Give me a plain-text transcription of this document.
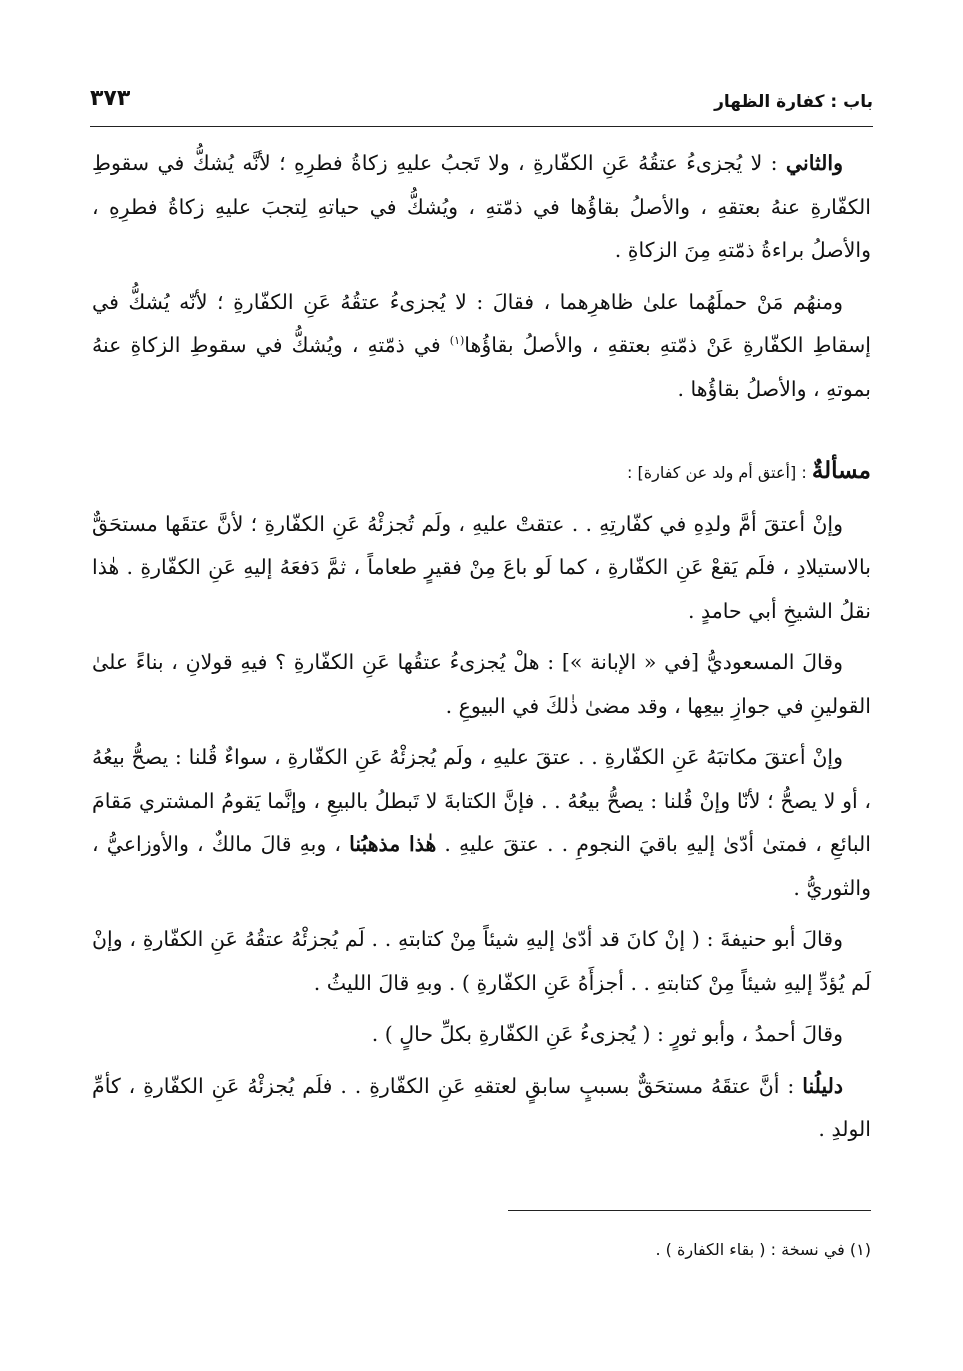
باب : كفارة الظهار
٣٧٣

والثاني : لا يُجزىءُ عتقُهُ عَنِ الكفّارةِ ، ولا تَجبُ عليهِ زكاةُ فطرِهِ ؛ لأنَّه يُشكُّ في سقوطِ الكفّارةِ عنهُ بعتقهِ ، والأصلُ بقاؤُها في ذمّتهِ ، ويُشكُّ في حياتهِ لِتجبَ عليهِ زكاةُ فطرِهِ ، والأصلُ براءةُ ذمّتهِ مِنَ الزكاةِ .

ومنهُم مَنْ حملَهُما علىٰ ظاهرِهما ، فقالَ : لا يُجزىءُ عتقُهُ عَنِ الكفّارةِ ؛ لأنّه يُشكُّ في إسقاطِ الكفّارةِ عَنْ ذمّتهِ بعتقهِ ، والأصلُ بقاؤُها$^{(١)}$ في ذمّتهِ ، ويُشكُّ في سقوطِ الزكاةِ عنهُ بموتهِ ، والأصلُ بقاؤُها .

مسألةٌ : [أعتق أم ولد عن كفارة] :

وإنْ أعتقَ أمَّ ولدِهِ في كفّارتِهِ . . عتقتْ عليهِ ، ولَم تُجزئْهُ عَنِ الكفّارةِ ؛ لأنَّ عتقَها مستحَقٌّ بالاستيلادِ ، فلَم يَقعْ عَنِ الكفّارةِ ، كما لَو باعَ مِنْ فقيرٍ طعاماً ، ثمَّ دَفعَهُ إليهِ عَنِ الكفّارةِ . هٰذا نقلُ الشيخِ أبي حامدٍ .

وقالَ المسعوديُّ [في « الإبانة »] : هلْ يُجزىءُ عتقُها عَنِ الكفّارةِ ؟ فيهِ قولانِ ، بناءً علىٰ القولينِ في جوازِ بيعِها ، وقد مضىٰ ذٰلكَ في البيوعِ .

وإنْ أعتقَ مكاتبَهُ عَنِ الكفّارةِ . . عتقَ عليهِ ، ولَم يُجزئْهُ عَنِ الكفّارةِ ، سواءٌ قُلنا : يصحُّ بيعُهُ ، أو لا يصحُّ ؛ لأنّا وإنْ قُلنا : يصحُّ بيعُهُ . . فإنَّ الكتابةَ لا تَبطلُ بالبيعِ ، وإنَّما يَقومُ المشتري مَقامَ البائعِ ، فمتىٰ أدّىٰ إليهِ باقيَ النجومِ . . عتقَ عليهِ . هٰذا مذهبُنا ، وبهِ قالَ مالكٌ ، والأوزاعيُّ ، والثوريُّ .

وقالَ أبو حنيفةَ : ( إنْ كانَ قد أدّىٰ إليهِ شيئاً مِنْ كتابتهِ . . لَم يُجزئْهُ عتقُهُ عَنِ الكفّارةِ ، وإنْ لَم يُؤدِّ إليهِ شيئاً مِنْ كتابتهِ . . أجزأَهُ عَنِ الكفّارةِ ) . وبهِ قالَ الليثُ .

وقالَ أحمدُ ، وأبو ثورٍ : ( يُجزىءُ عَنِ الكفّارةِ بكلِّ حالٍ ) .

دليلُنا : أنَّ عتقَهُ مستحَقٌّ بسببٍ سابقٍ لعتقهِ عَنِ الكفّارةِ . . فلَم يُجزئْهُ عَنِ الكفّارةِ ، كأمِّ الولدِ .

(١) في نسخة : ( بقاء الكفارة ) .
